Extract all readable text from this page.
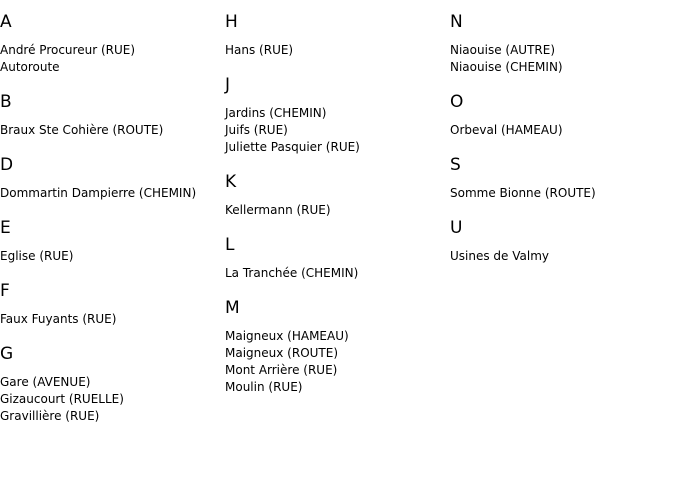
A
André Procureur (RUE)
Autoroute
B
Braux Ste Cohière (ROUTE)
D
Dommartin Dampierre (CHEMIN)
E
Eglise (RUE)
F
Faux Fuyants (RUE)
G
Gare (AVENUE)
Gizaucourt (RUELLE)
Gravillière (RUE)
H
Hans (RUE)
J
Jardins (CHEMIN)
Juifs (RUE)
Juliette Pasquier (RUE)
K
Kellermann (RUE)
L
La Tranchée (CHEMIN)
M
Maigneux (HAMEAU)
Maigneux (ROUTE)
Mont Arrière (RUE)
Moulin (RUE)
N
Niaouise (AUTRE)
Niaouise (CHEMIN)
O
Orbeval (HAMEAU)
S
Somme Bionne (ROUTE)
U
Usines de Valmy
